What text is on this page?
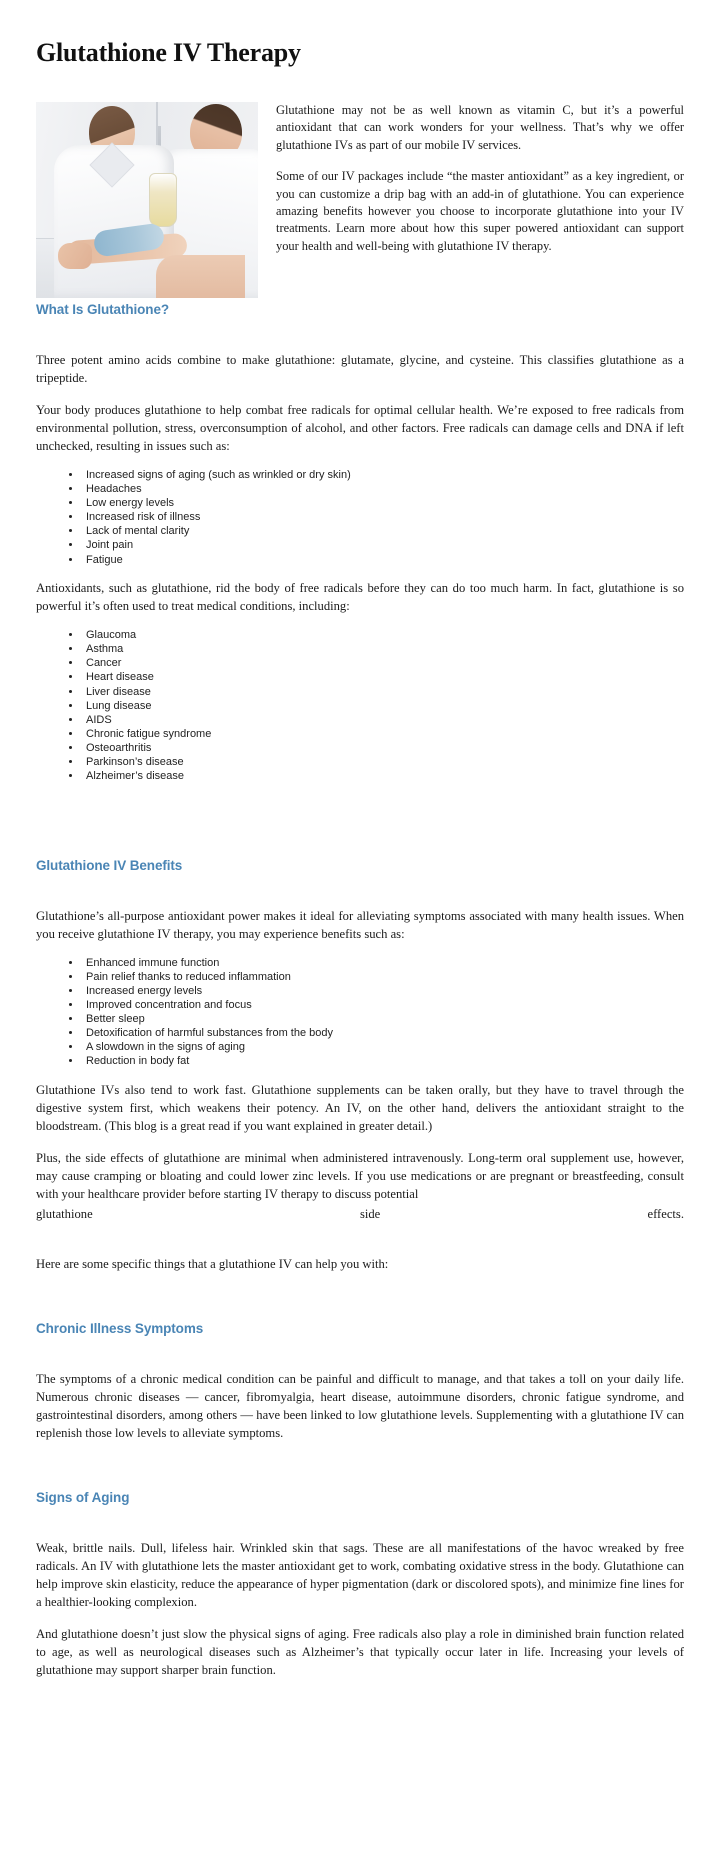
Glutathione IV Therapy

Glutathione may not be as well known as vitamin C, but it’s a powerful antioxidant that can work wonders for your wellness. That’s why we offer glutathione IVs as part of our mobile IV services.

Some of our IV packages include “the master antioxidant” as a key ingredient, or you can customize a drip bag with an add-in of glutathione. You can experience amazing benefits however you choose to incorporate glutathione into your IV treatments. Learn more about how this super powered antioxidant can support your health and well-being with glutathione IV therapy.

What Is Glutathione?

Three potent amino acids combine to make glutathione: glutamate, glycine, and cysteine. This classifies glutathione as a tripeptide.

Your body produces glutathione to help combat free radicals for optimal cellular health. We’re exposed to free radicals from environmental pollution, stress, overconsumption of alcohol, and other factors. Free radicals can damage cells and DNA if left unchecked, resulting in issues such as:

• Increased signs of aging (such as wrinkled or dry skin)
• Headaches
• Low energy levels
• Increased risk of illness
• Lack of mental clarity
• Joint pain
• Fatigue

Antioxidants, such as glutathione, rid the body of free radicals before they can do too much harm. In fact, glutathione is so powerful it’s often used to treat medical conditions, including:

• Glaucoma
• Asthma
• Cancer
• Heart disease
• Liver disease
• Lung disease
• AIDS
• Chronic fatigue syndrome
• Osteoarthritis
• Parkinson’s disease
• Alzheimer’s disease
Glutathione IV Benefits

Glutathione’s all-purpose antioxidant power makes it ideal for alleviating symptoms associated with many health issues. When you receive glutathione IV therapy, you may experience benefits such as:

• Enhanced immune function
• Pain relief thanks to reduced inflammation
• Increased energy levels
• Improved concentration and focus
• Better sleep
• Detoxification of harmful substances from the body
• A slowdown in the signs of aging
• Reduction in body fat

Glutathione IVs also tend to work fast. Glutathione supplements can be taken orally, but they have to travel through the digestive system first, which weakens their potency. An IV, on the other hand, delivers the antioxidant straight to the bloodstream. (This blog is a great read if you want explained in greater detail.)

Plus, the side effects of glutathione are minimal when administered intravenously. Long-term oral supplement use, however, may cause cramping or bloating and could lower zinc levels. If you use medications or are pregnant or breastfeeding, consult with your healthcare provider before starting IV therapy to discuss potential

glutathione	side	effects.

Here are some specific things that a glutathione IV can help you with:

Chronic Illness Symptoms

The symptoms of a chronic medical condition can be painful and difficult to manage, and that takes a toll on your daily life. Numerous chronic diseases — cancer, fibromyalgia, heart disease, autoimmune disorders, chronic fatigue syndrome, and gastrointestinal disorders, among others — have been linked to low glutathione levels. Supplementing with a glutathione IV can replenish those low levels to alleviate symptoms.

Signs of Aging

Weak, brittle nails. Dull, lifeless hair. Wrinkled skin that sags. These are all manifestations of the havoc wreaked by free radicals. An IV with glutathione lets the master antioxidant get to work, combating oxidative stress in the body. Glutathione can help improve skin elasticity, reduce the appearance of hyper pigmentation (dark or discolored spots), and minimize fine lines for a healthier-looking complexion.

And glutathione doesn’t just slow the physical signs of aging. Free radicals also play a role in diminished brain function related to age, as well as neurological diseases such as Alzheimer’s that typically occur later in life. Increasing your levels of glutathione may support sharper brain function.
